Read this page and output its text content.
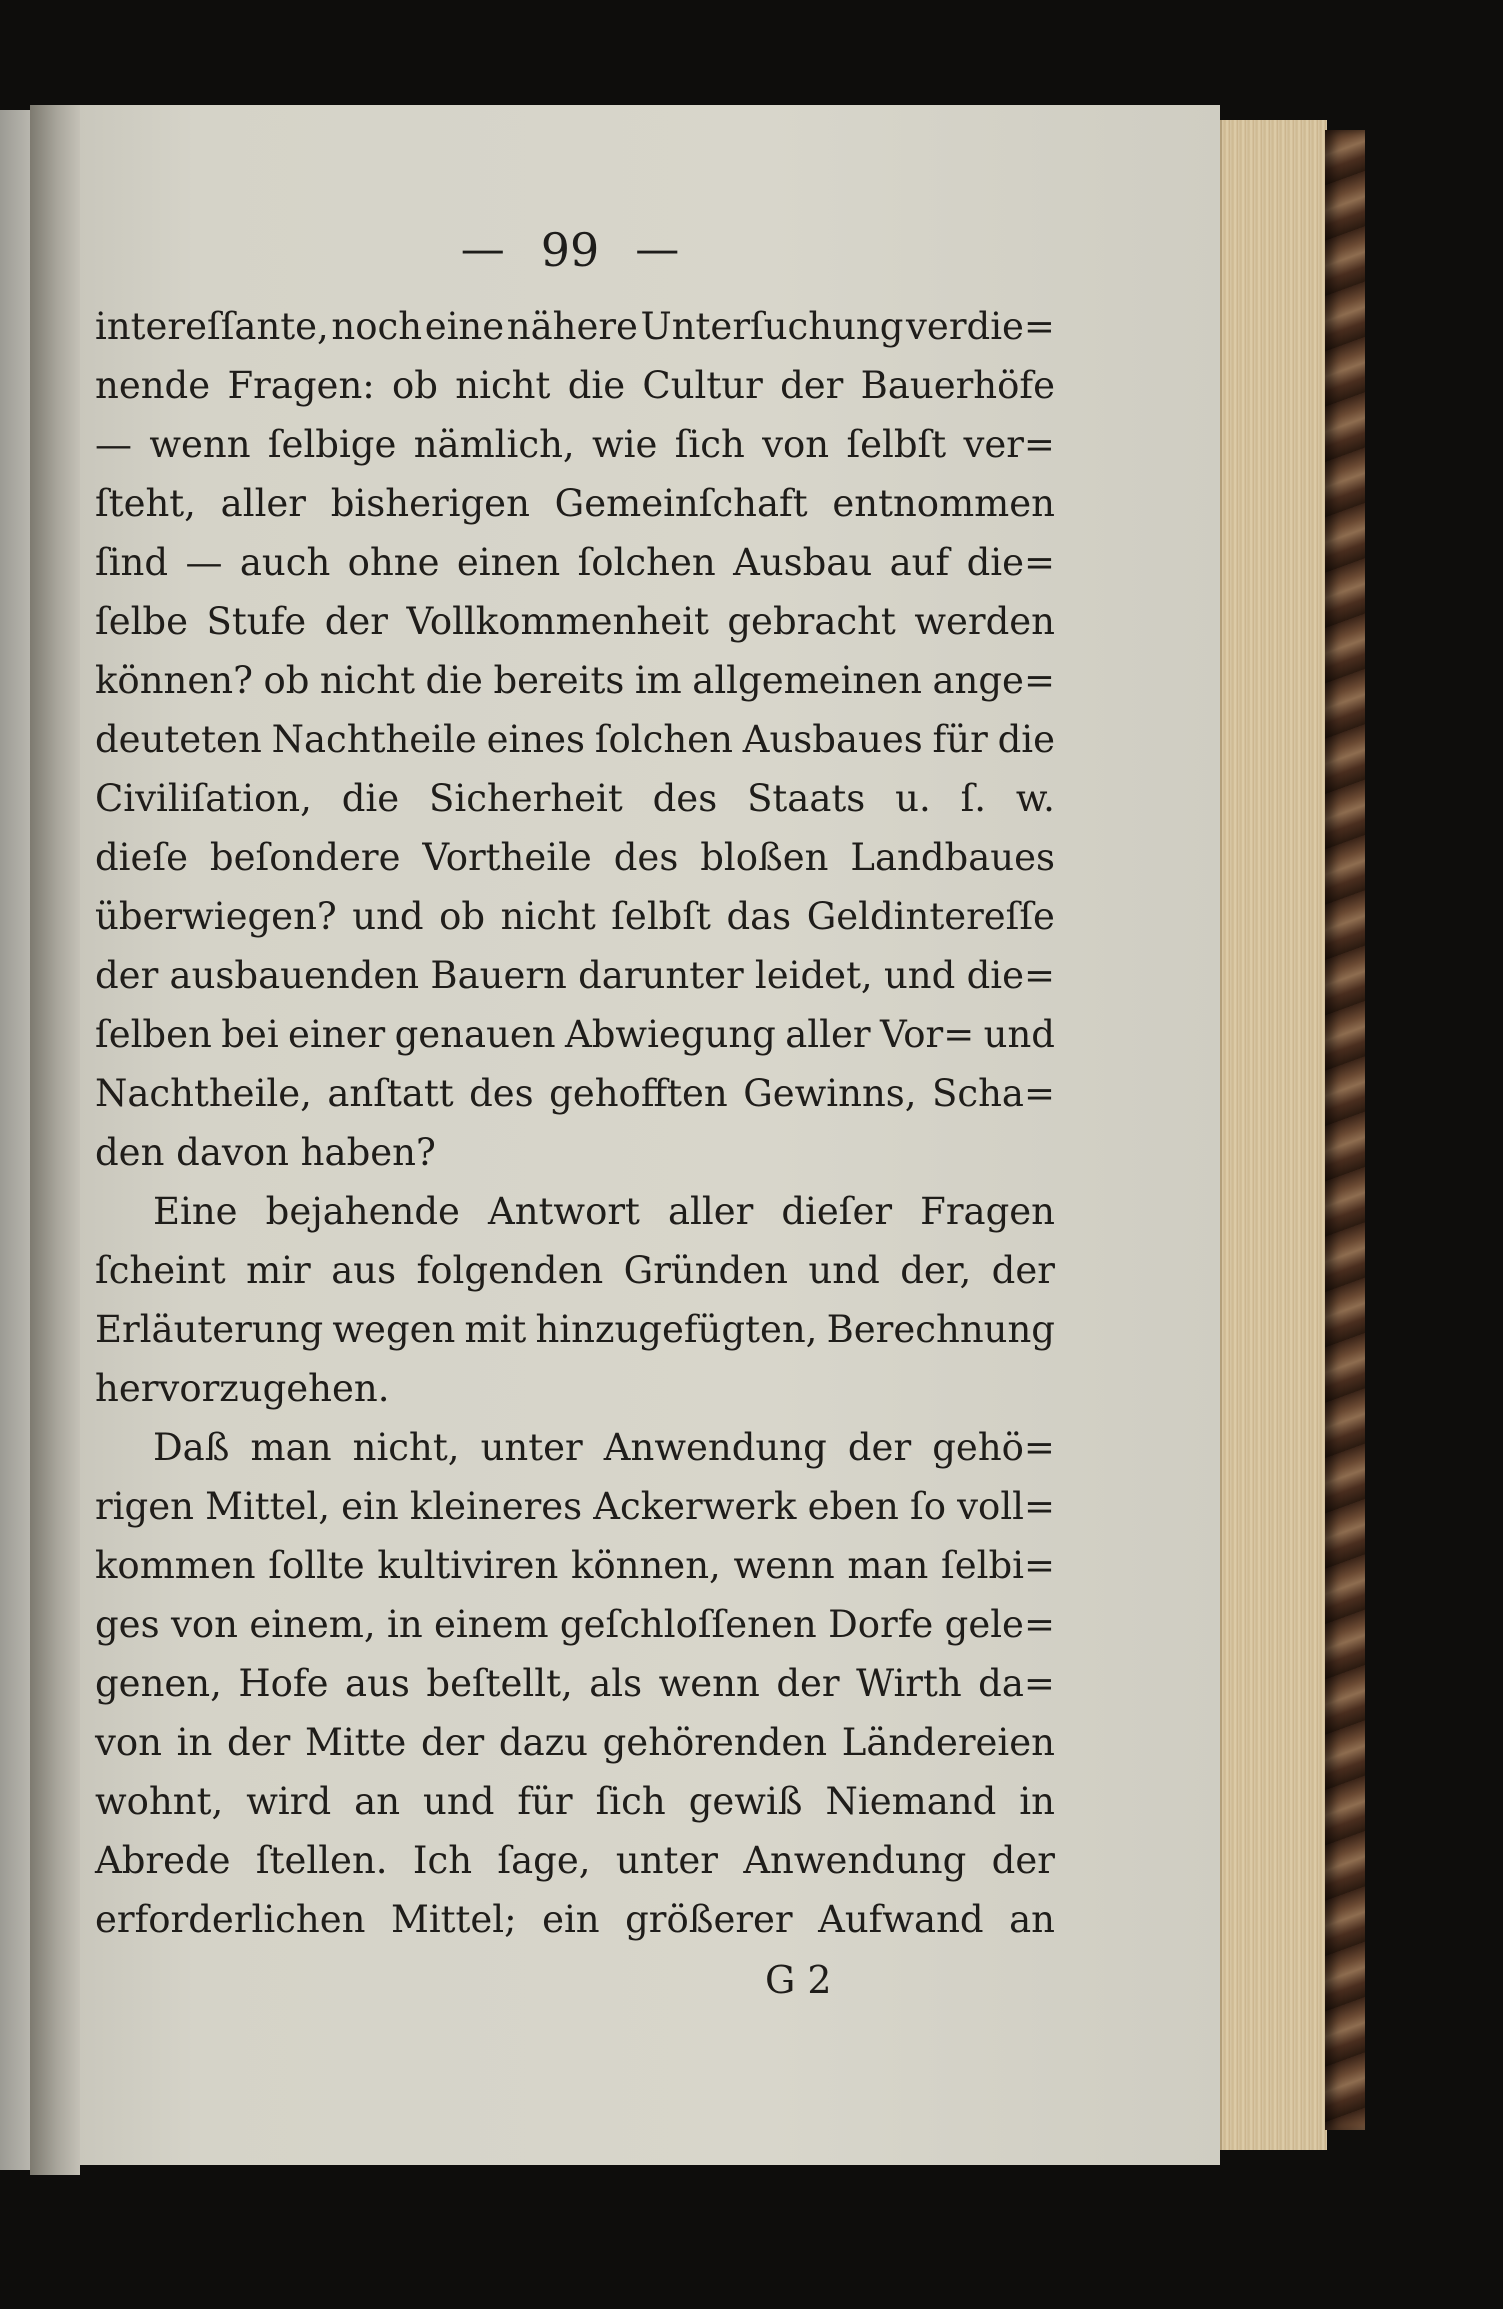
— 99 —
intereſſante, noch eine nähere Unterſuchung verdie=
nende Fragen: ob nicht die Cultur der Bauerhöfe
— wenn ſelbige nämlich, wie ſich von ſelbſt ver=
ſteht, aller bisherigen Gemeinſchaft entnommen
ſind — auch ohne einen ſolchen Ausbau auf die=
ſelbe Stufe der Vollkommenheit gebracht werden
können? ob nicht die bereits im allgemeinen ange=
deuteten Nachtheile eines ſolchen Ausbaues für die
Civiliſation, die Sicherheit des Staats u. ſ. w.
dieſe beſondere Vortheile des bloßen Landbaues
überwiegen? und ob nicht ſelbſt das Geldintereſſe
der ausbauenden Bauern darunter leidet, und die=
ſelben bei einer genauen Abwiegung aller Vor= und
Nachtheile, anſtatt des gehofften Gewinns, Scha=
den davon haben?
Eine bejahende Antwort aller dieſer Fragen
ſcheint mir aus folgenden Gründen und der, der
Erläuterung wegen mit hinzugefügten, Berechnung
hervorzugehen.
Daß man nicht, unter Anwendung der gehö=
rigen Mittel, ein kleineres Ackerwerk eben ſo voll=
kommen ſollte kultiviren können, wenn man ſelbi=
ges von einem, in einem geſchloſſenen Dorfe gele=
genen, Hofe aus beſtellt, als wenn der Wirth da=
von in der Mitte der dazu gehörenden Ländereien
wohnt, wird an und für ſich gewiß Niemand in
Abrede ſtellen. Ich ſage, unter Anwendung der
erforderlichen Mittel; ein größerer Aufwand an
G 2
